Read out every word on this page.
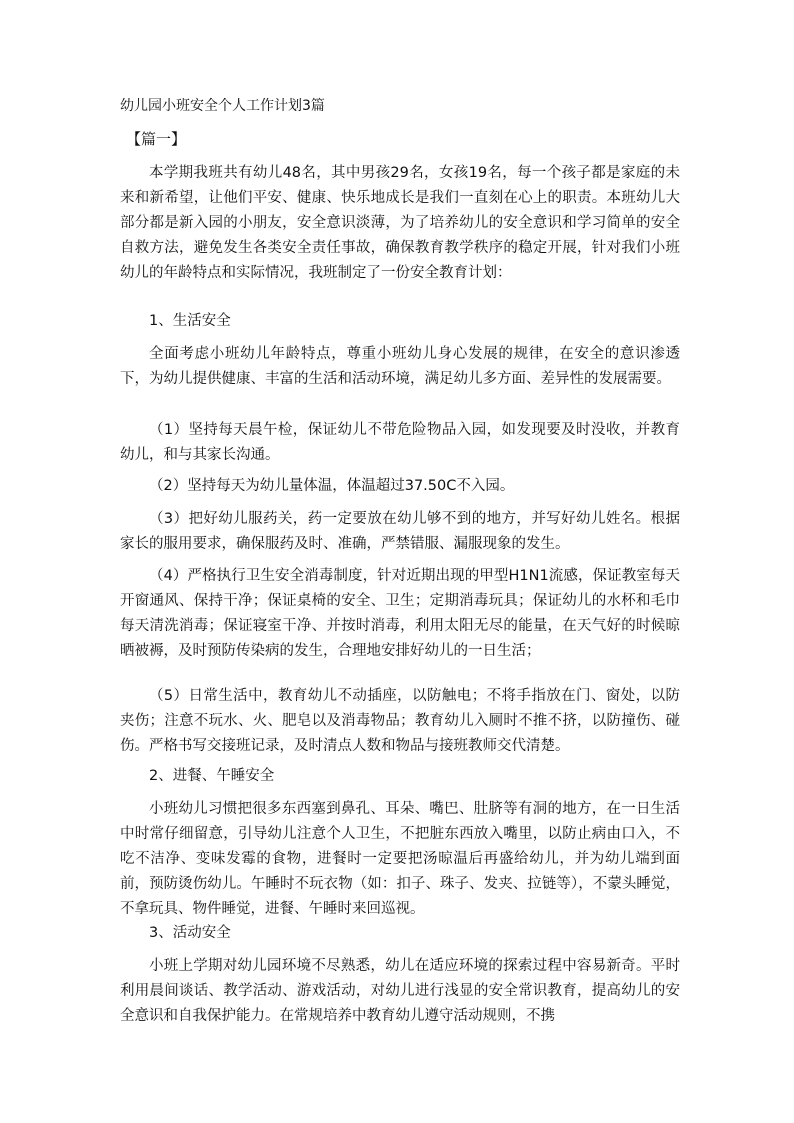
幼儿园小班安全个人工作计划3篇
【篇一】

本学期我班共有幼儿48名，其中男孩29名，女孩19名，每一个孩子都是家庭的未来和新希望，让他们平安、健康、快乐地成长是我们一直刻在心上的职责。本班幼儿大部分都是新入园的小朋友，安全意识淡薄，为了培养幼儿的安全意识和学习简单的安全自救方法，避免发生各类安全责任事故，确保教育教学秩序的稳定开展，针对我们小班幼儿的年龄特点和实际情况，我班制定了一份安全教育计划：

1、生活安全

全面考虑小班幼儿年龄特点，尊重小班幼儿身心发展的规律，在安全的意识渗透下，为幼儿提供健康、丰富的生活和活动环境，满足幼儿多方面、差异性的发展需要。

（1）坚持每天晨午检，保证幼儿不带危险物品入园，如发现要及时没收，并教育幼儿，和与其家长沟通。

（2）坚持每天为幼儿量体温，体温超过37.50C不入园。

（3）把好幼儿服药关，药一定要放在幼儿够不到的地方，并写好幼儿姓名。根据家长的服用要求，确保服药及时、准确，严禁错服、漏服现象的发生。

（4）严格执行卫生安全消毒制度，针对近期出现的甲型H1N1流感，保证教室每天开窗通风、保持干净；保证桌椅的安全、卫生；定期消毒玩具；保证幼儿的水杯和毛巾每天清洗消毒；保证寝室干净、并按时消毒，利用太阳无尽的能量，在天气好的时候晾晒被褥，及时预防传染病的发生，合理地安排好幼儿的一日生活；

（5）日常生活中，教育幼儿不动插座，以防触电；不将手指放在门、窗处，以防夹伤；注意不玩水、火、肥皂以及消毒物品；教育幼儿入厕时不推不挤，以防撞伤、碰伤。严格书写交接班记录，及时清点人数和物品与接班教师交代清楚。

2、进餐、午睡安全

小班幼儿习惯把很多东西塞到鼻孔、耳朵、嘴巴、肚脐等有洞的地方，在一日生活中时常仔细留意，引导幼儿注意个人卫生，不把脏东西放入嘴里，以防止病由口入，不吃不洁净、变味发霉的食物，进餐时一定要把汤晾温后再盛给幼儿，并为幼儿端到面前，预防烫伤幼儿。午睡时不玩衣物（如：扣子、珠子、发夹、拉链等），不蒙头睡觉，不拿玩具、物件睡觉，进餐、午睡时来回巡视。

3、活动安全

小班上学期对幼儿园环境不尽熟悉，幼儿在适应环境的探索过程中容易新奇。平时利用晨间谈话、教学活动、游戏活动，对幼儿进行浅显的安全常识教育，提高幼儿的安全意识和自我保护能力。在常规培养中教育幼儿遵守活动规则，不携
